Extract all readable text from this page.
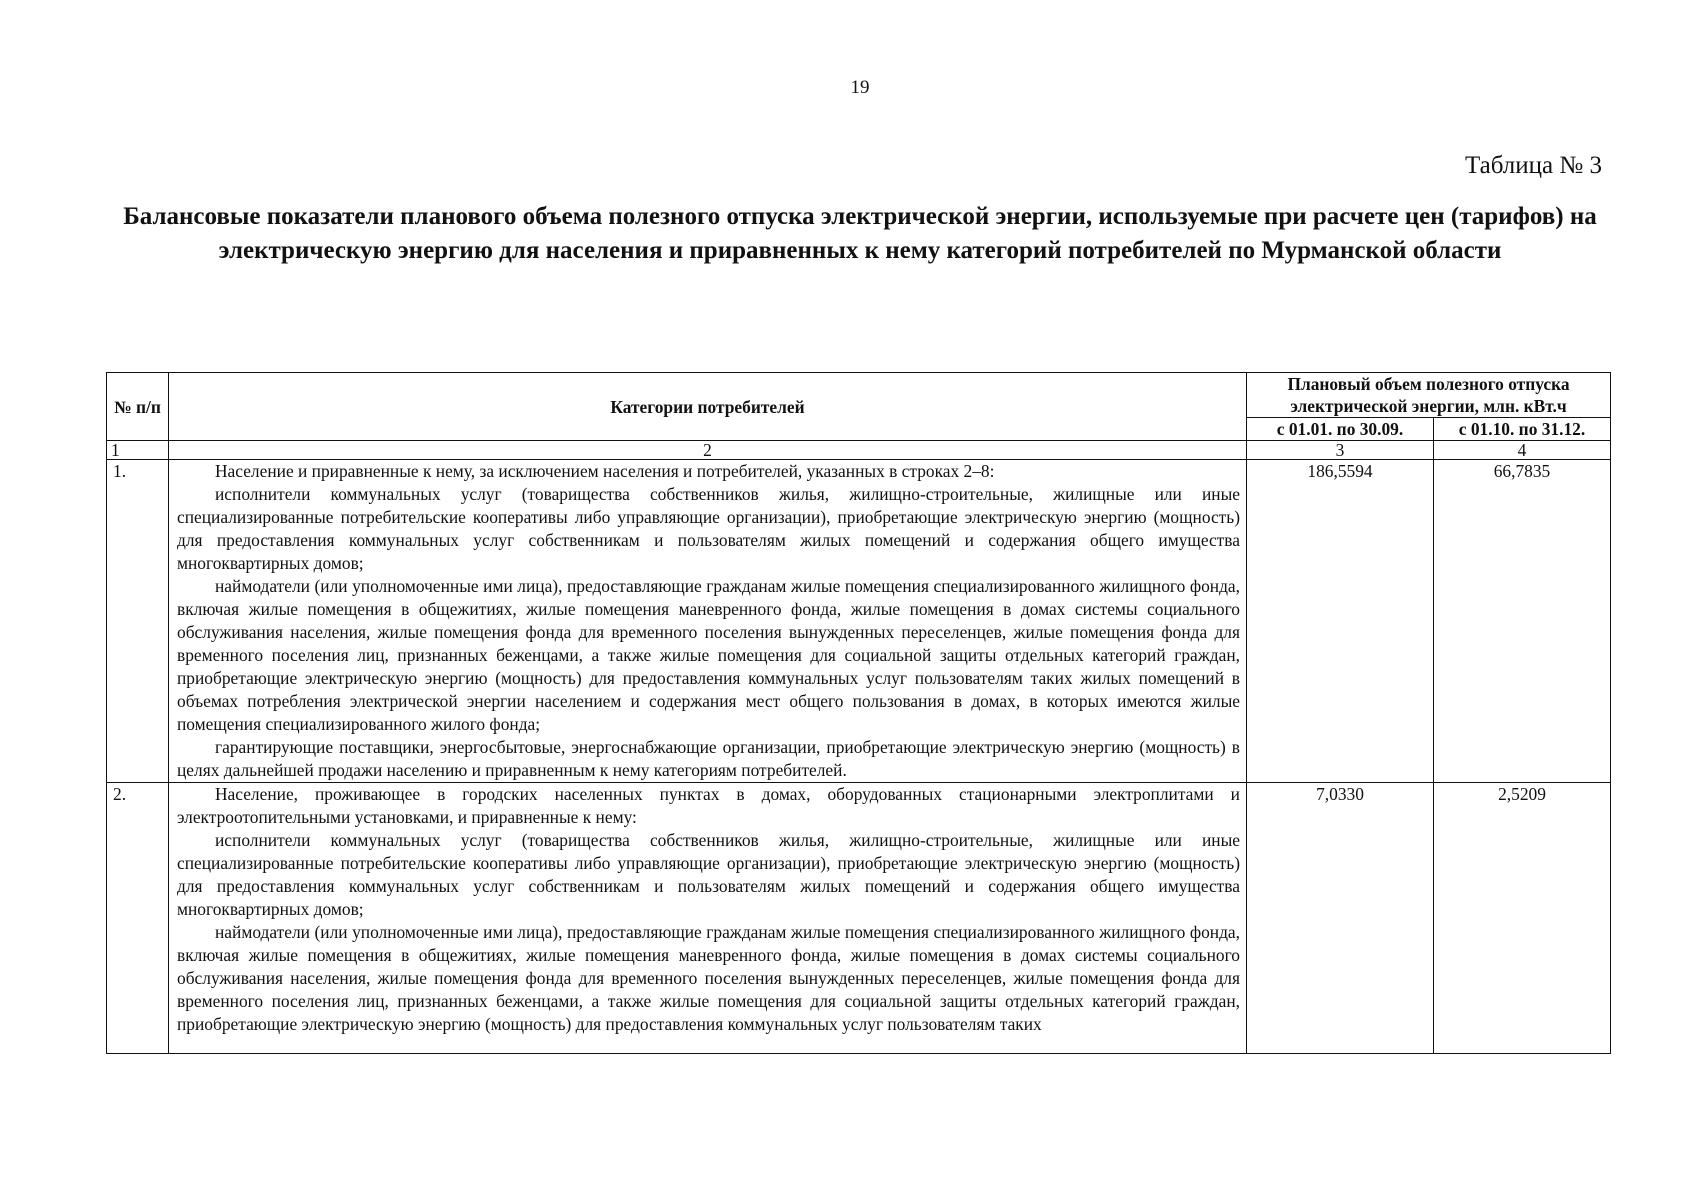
19
Таблица № 3
Балансовые показатели планового объема полезного отпуска электрической энергии, используемые при расчете цен (тарифов) на электрическую энергию для населения и приравненных к нему категорий потребителей по Мурманской области
№ п/п	Категории потребителей	Плановый объем полезного отпуска электрической энергии, млн. кВт.ч	
		с 01.01. по 30.09.	с 01.10. по 31.12.
1	2	3	4
1.	Население и приравненные к нему, за исключением населения и потребителей, указанных в строках 2–8:

исполнители коммунальных услуг (товарищества собственников жилья, жилищно-строительные, жилищные или иные специализированные потребительские кооперативы либо управляющие организации), приобретающие электрическую энергию (мощность) для предоставления коммунальных услуг собственникам и пользователям жилых помещений и содержания общего имущества многоквартирных домов;

наймодатели (или уполномоченные ими лица), предоставляющие гражданам жилые помещения специализированного жилищного фонда, включая жилые помещения в общежитиях, жилые помещения маневренного фонда, жилые помещения в домах системы социального обслуживания населения, жилые помещения фонда для временного поселения вынужденных переселенцев, жилые помещения фонда для временного поселения лиц, признанных беженцами, а также жилые помещения для социальной защиты отдельных категорий граждан, приобретающие электрическую энергию (мощность) для предоставления коммунальных услуг пользователям таких жилых помещений в объемах потребления электрической энергии населением и содержания мест общего пользования в домах, в которых имеются жилые помещения специализированного жилого фонда;

гарантирующие поставщики, энергосбытовые, энергоснабжающие организации, приобретающие электрическую энергию (мощность) в целях дальнейшей продажи населению и приравненным к нему категориям потребителей.	186,5594	66,7835
2.	Население, проживающее в городских населенных пунктах в домах, оборудованных стационарными электроплитами и электроотопительными установками, и приравненные к нему:

исполнители коммунальных услуг (товарищества собственников жилья, жилищно-строительные, жилищные или иные специализированные потребительские кооперативы либо управляющие организации), приобретающие электрическую энергию (мощность) для предоставления коммунальных услуг собственникам и пользователям жилых помещений и содержания общего имущества многоквартирных домов;

наймодатели (или уполномоченные ими лица), предоставляющие гражданам жилые помещения специализированного жилищного фонда, включая жилые помещения в общежитиях, жилые помещения маневренного фонда, жилые помещения в домах системы социального обслуживания населения, жилые помещения фонда для временного поселения вынужденных переселенцев, жилые помещения фонда для временного поселения лиц, признанных беженцами, а также жилые помещения для социальной защиты отдельных категорий граждан, приобретающие электрическую энергию (мощность) для предоставления коммунальных услуг пользователям таких	7,0330	2,5209
